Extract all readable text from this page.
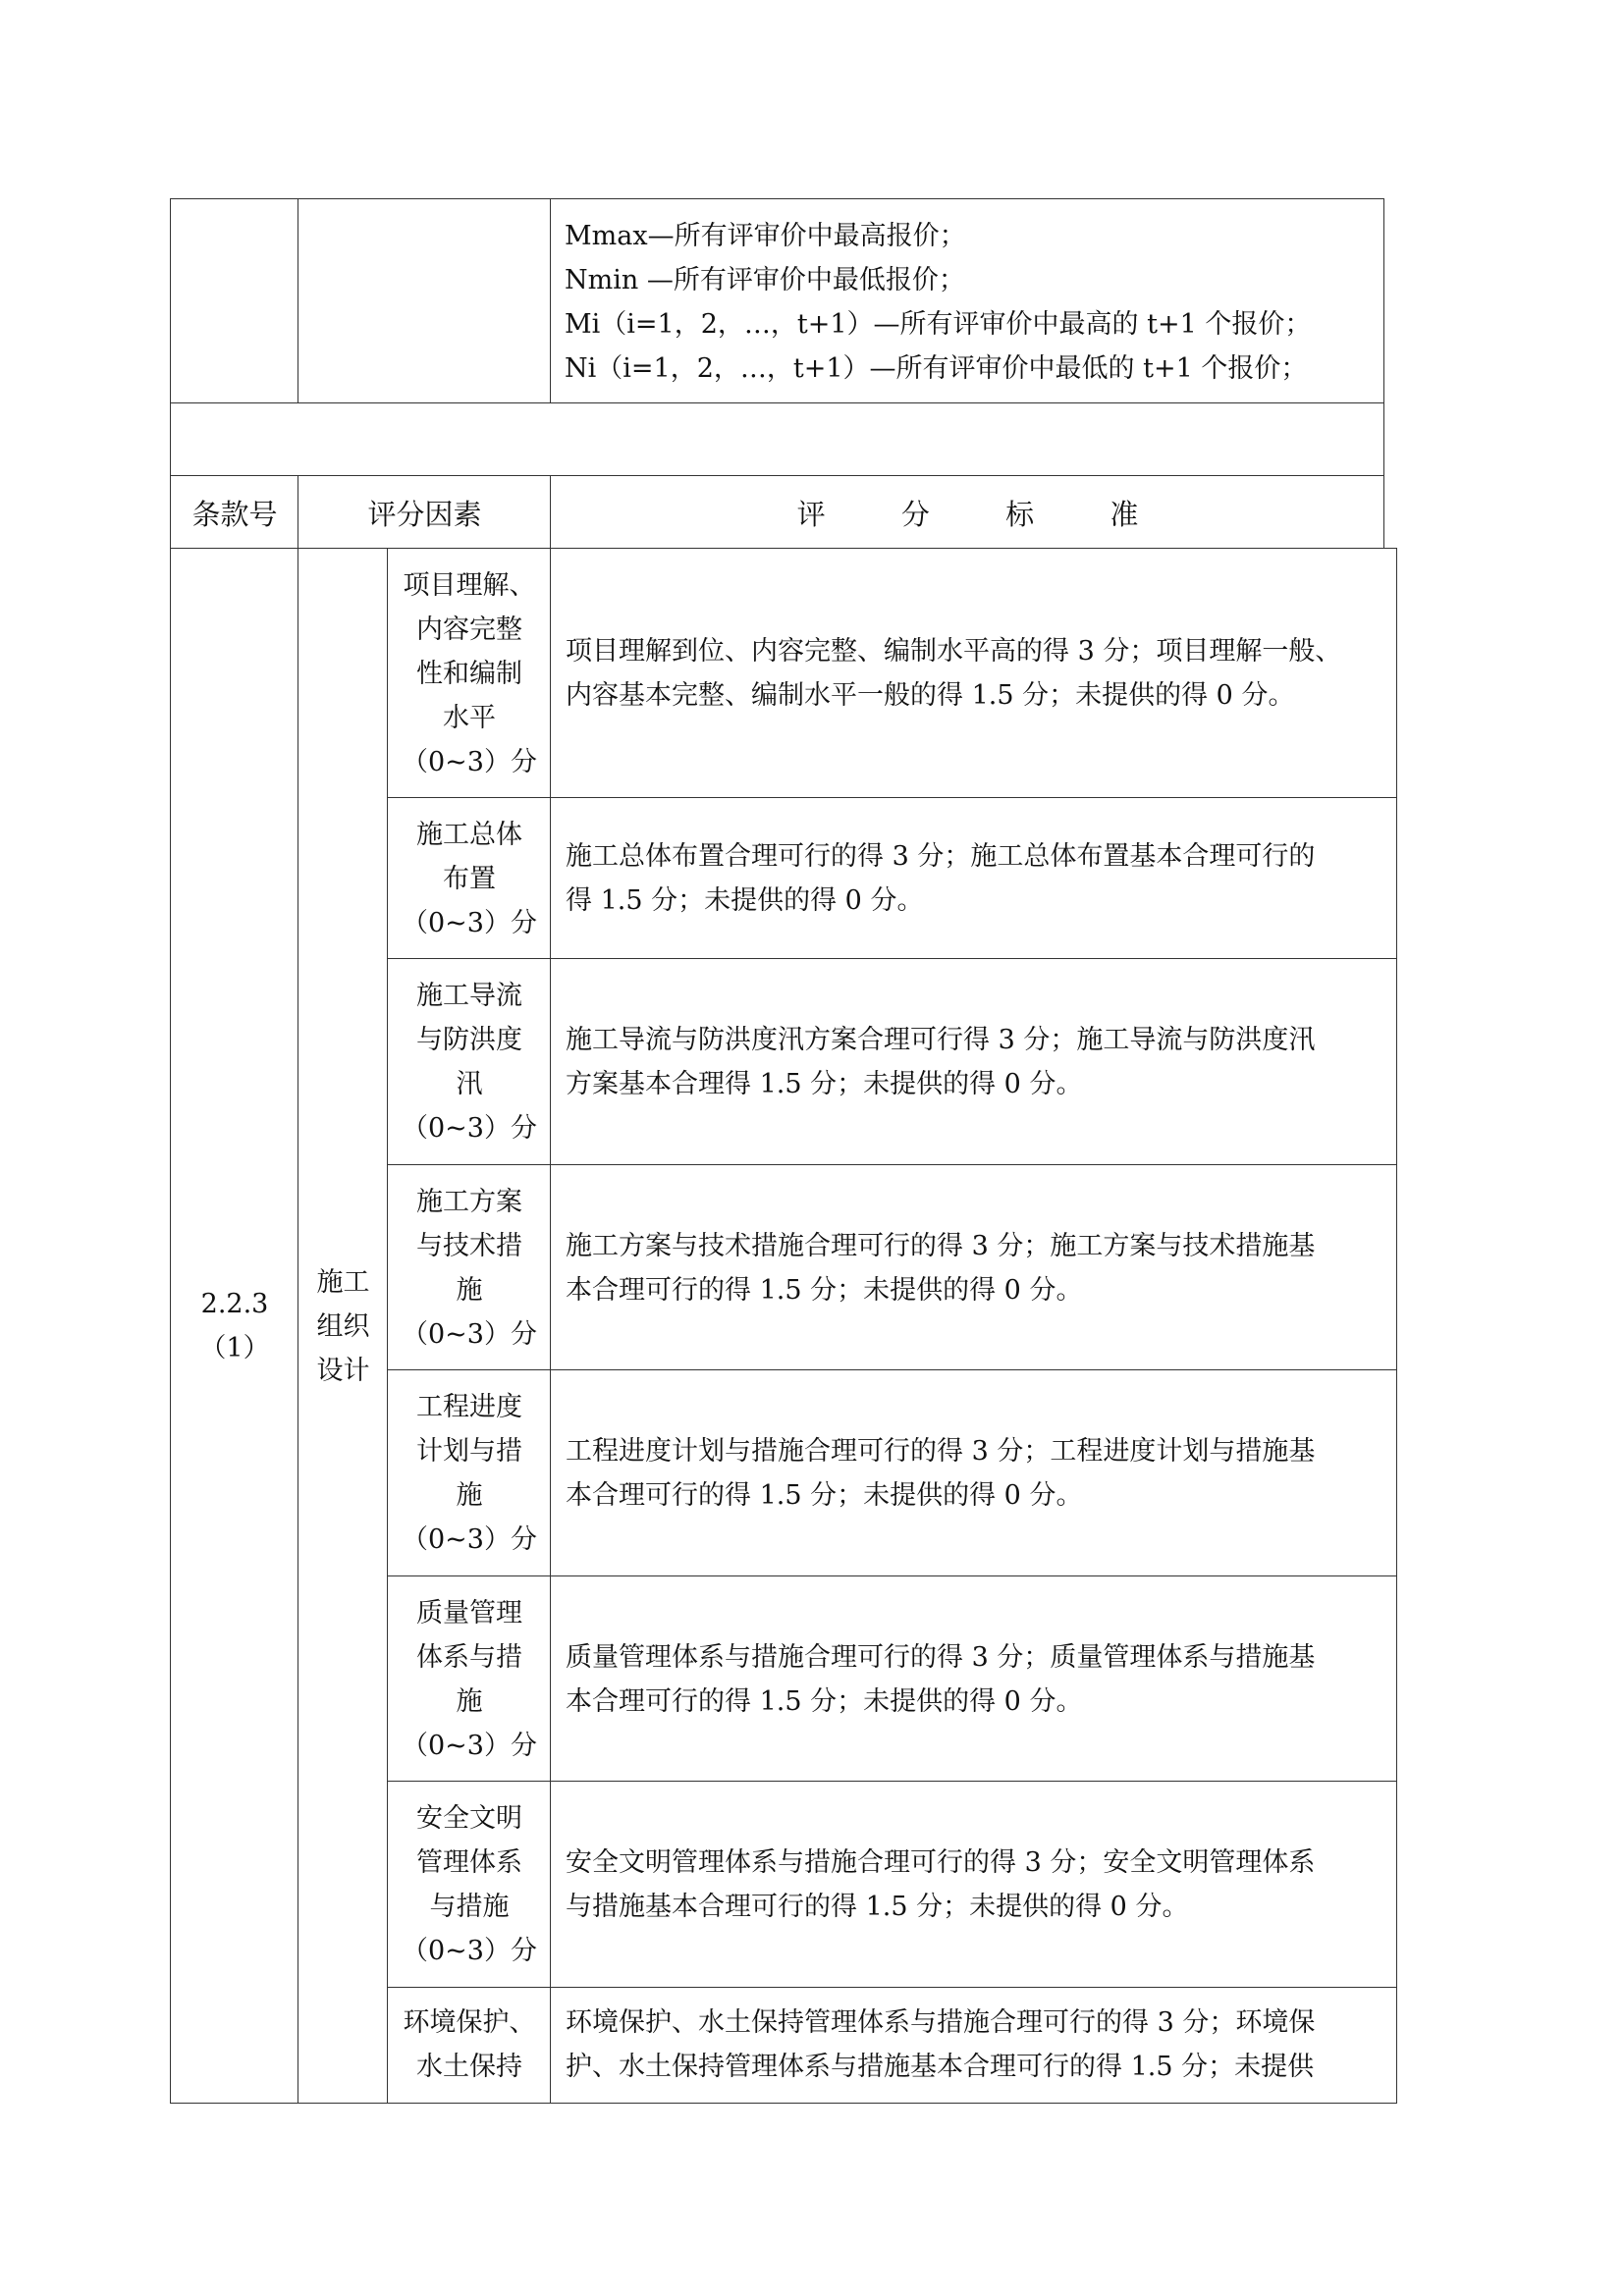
Mmax—所有评审价中最高报价；
Nmin —所有评审价中最低报价；
Mi（i=1，2，…，t+1）—所有评审价中最高的 t+1 个报价；
Ni（i=1，2，…，t+1）—所有评审价中最低的 t+1 个报价；
条款号	评分因素	评 分 标 准
2.2.3
（1）
施工
组织
设计
项目理解、
内容完整
性和编制
水平
（0~3）分
项目理解到位、内容完整、编制水平高的得 3 分；项目理解一般、
内容基本完整、编制水平一般的得 1.5 分；未提供的得 0 分。
施工总体
布置
（0~3）分
施工总体布置合理可行的得 3 分；施工总体布置基本合理可行的
得 1.5 分；未提供的得 0 分。
施工导流
与防洪度
汛
（0~3）分
施工导流与防洪度汛方案合理可行得 3 分；施工导流与防洪度汛
方案基本合理得 1.5 分；未提供的得 0 分。
施工方案
与技术措
施
（0~3）分
施工方案与技术措施合理可行的得 3 分；施工方案与技术措施基
本合理可行的得 1.5 分；未提供的得 0 分。
工程进度
计划与措
施
（0~3）分
工程进度计划与措施合理可行的得 3 分；工程进度计划与措施基
本合理可行的得 1.5 分；未提供的得 0 分。
质量管理
体系与措
施
（0~3）分
质量管理体系与措施合理可行的得 3 分；质量管理体系与措施基
本合理可行的得 1.5 分；未提供的得 0 分。
安全文明
管理体系
与措施
（0~3）分
安全文明管理体系与措施合理可行的得 3 分；安全文明管理体系
与措施基本合理可行的得 1.5 分；未提供的得 0 分。
环境保护、
水土保持
环境保护、水土保持管理体系与措施合理可行的得 3 分；环境保
护、水土保持管理体系与措施基本合理可行的得 1.5 分；未提供
